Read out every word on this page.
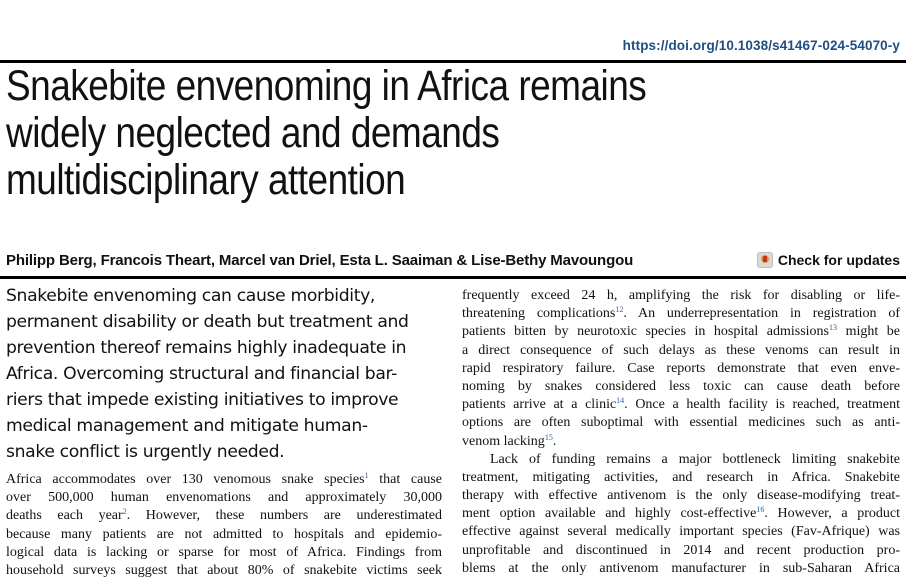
https://doi.org/10.1038/s41467-024-54070-y
Snakebite envenoming in Africa remains
widely neglected and demands
multidisciplinary attention
Philipp Berg, Francois Theart, Marcel van Driel, Esta L. Saaiman & Lise-Bethy Mavoungou	Check for updates
Snakebite envenoming can cause morbidity,
permanent disability or death but treatment and
prevention thereof remains highly inadequate in
Africa. Overcoming structural and financial bar-
riers that impede existing initiatives to improve
medical management and mitigate human-
snake conflict is urgently needed.
Africa accommodates over 130 venomous snake species$^1$ that cause
over 500,000 human envenomations and approximately 30,000
deaths each year$^2$. However, these numbers are underestimated
because many patients are not admitted to hospitals and epidemio-
logical data is lacking or sparse for most of Africa. Findings from
household surveys suggest that about 80% of snakebite victims seek
frequently exceed 24 h, amplifying the risk for disabling or life-
threatening complications$^{12}$. An underrepresentation in registration of
patients bitten by neurotoxic species in hospital admissions$^{13}$ might be
a direct consequence of such delays as these venoms can result in
rapid respiratory failure. Case reports demonstrate that even enve-
noming by snakes considered less toxic can cause death before
patients arrive at a clinic$^{14}$. Once a health facility is reached, treatment
options are often suboptimal with essential medicines such as anti-
venom lacking$^{15}$.
Lack of funding remains a major bottleneck limiting snakebite
treatment, mitigating activities, and research in Africa. Snakebite
therapy with effective antivenom is the only disease-modifying treat-
ment option available and highly cost-effective$^{16}$. However, a product
effective against several medically important species (Fav-Afrique) was
unprofitable and discontinued in 2014 and recent production pro-
blems at the only antivenom manufacturer in sub-Saharan Africa
